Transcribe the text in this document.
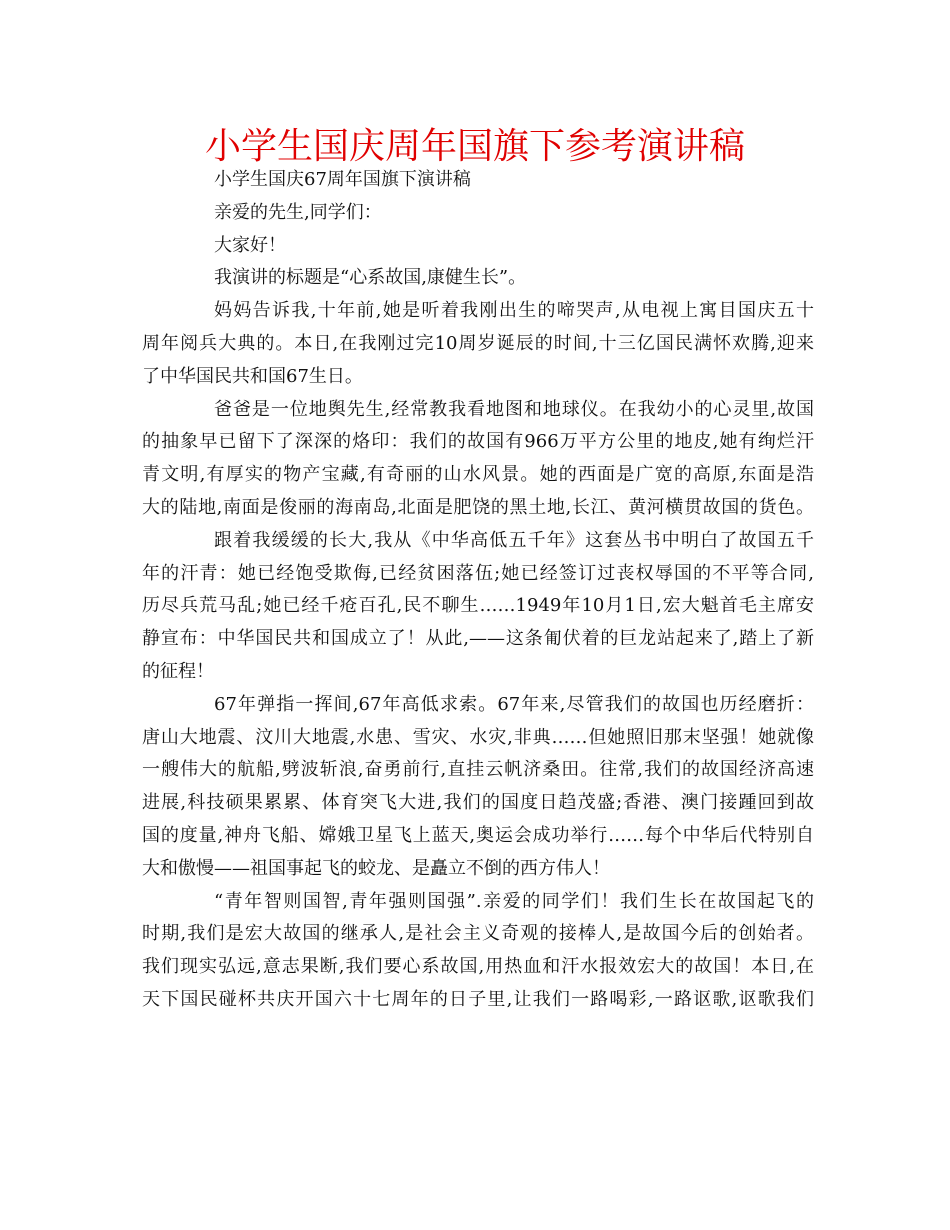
小学生国庆周年国旗下参考演讲稿
小学生国庆67周年国旗下演讲稿
亲爱的先生,同学们：
大家好！
我演讲的标题是“心系故国,康健生长”。
妈妈告诉我,十年前,她是听着我刚出生的啼哭声,从电视上寓目国庆五十
周年阅兵大典的。本日,在我刚过完10周岁诞辰的时间,十三亿国民满怀欢腾,迎来
了中华国民共和国67生日。
爸爸是一位地舆先生,经常教我看地图和地球仪。在我幼小的心灵里,故国
的抽象早已留下了深深的烙印：我们的故国有966万平方公里的地皮,她有绚烂汗
青文明,有厚实的物产宝藏,有奇丽的山水风景。她的西面是广宽的高原,东面是浩
大的陆地,南面是俊丽的海南岛,北面是肥饶的黑土地,长江、黄河横贯故国的货色。
跟着我缓缓的长大,我从《中华高低五千年》这套丛书中明白了故国五千
年的汗青：她已经饱受欺侮,已经贫困落伍;她已经签订过丧权辱国的不平等合同,
历尽兵荒马乱;她已经千疮百孔,民不聊生……1949年10月1日,宏大魁首毛主席安
静宣布：中华国民共和国成立了！从此,——这条匍伏着的巨龙站起来了,踏上了新
的征程！
67年弹指一挥间,67年高低求索。67年来,尽管我们的故国也历经磨折：
唐山大地震、汶川大地震,水患、雪灾、水灾,非典……但她照旧那末坚强！她就像
一艘伟大的航船,劈波斩浪,奋勇前行,直挂云帆济桑田。往常,我们的故国经济高速
进展,科技硕果累累、体育突飞大进,我们的国度日趋茂盛;香港、澳门接踵回到故
国的度量,神舟飞船、嫦娥卫星飞上蓝天,奥运会成功举行……每个中华后代特别自
大和傲慢——祖国事起飞的蛟龙、是矗立不倒的西方伟人！
“青年智则国智,青年强则国强”.亲爱的同学们！我们生长在故国起飞的
时期,我们是宏大故国的继承人,是社会主义奇观的接棒人,是故国今后的创始者。
我们现实弘远,意志果断,我们要心系故国,用热血和汗水报效宏大的故国！本日,在
天下国民碰杯共庆开国六十七周年的日子里,让我们一路喝彩,一路讴歌,讴歌我们
